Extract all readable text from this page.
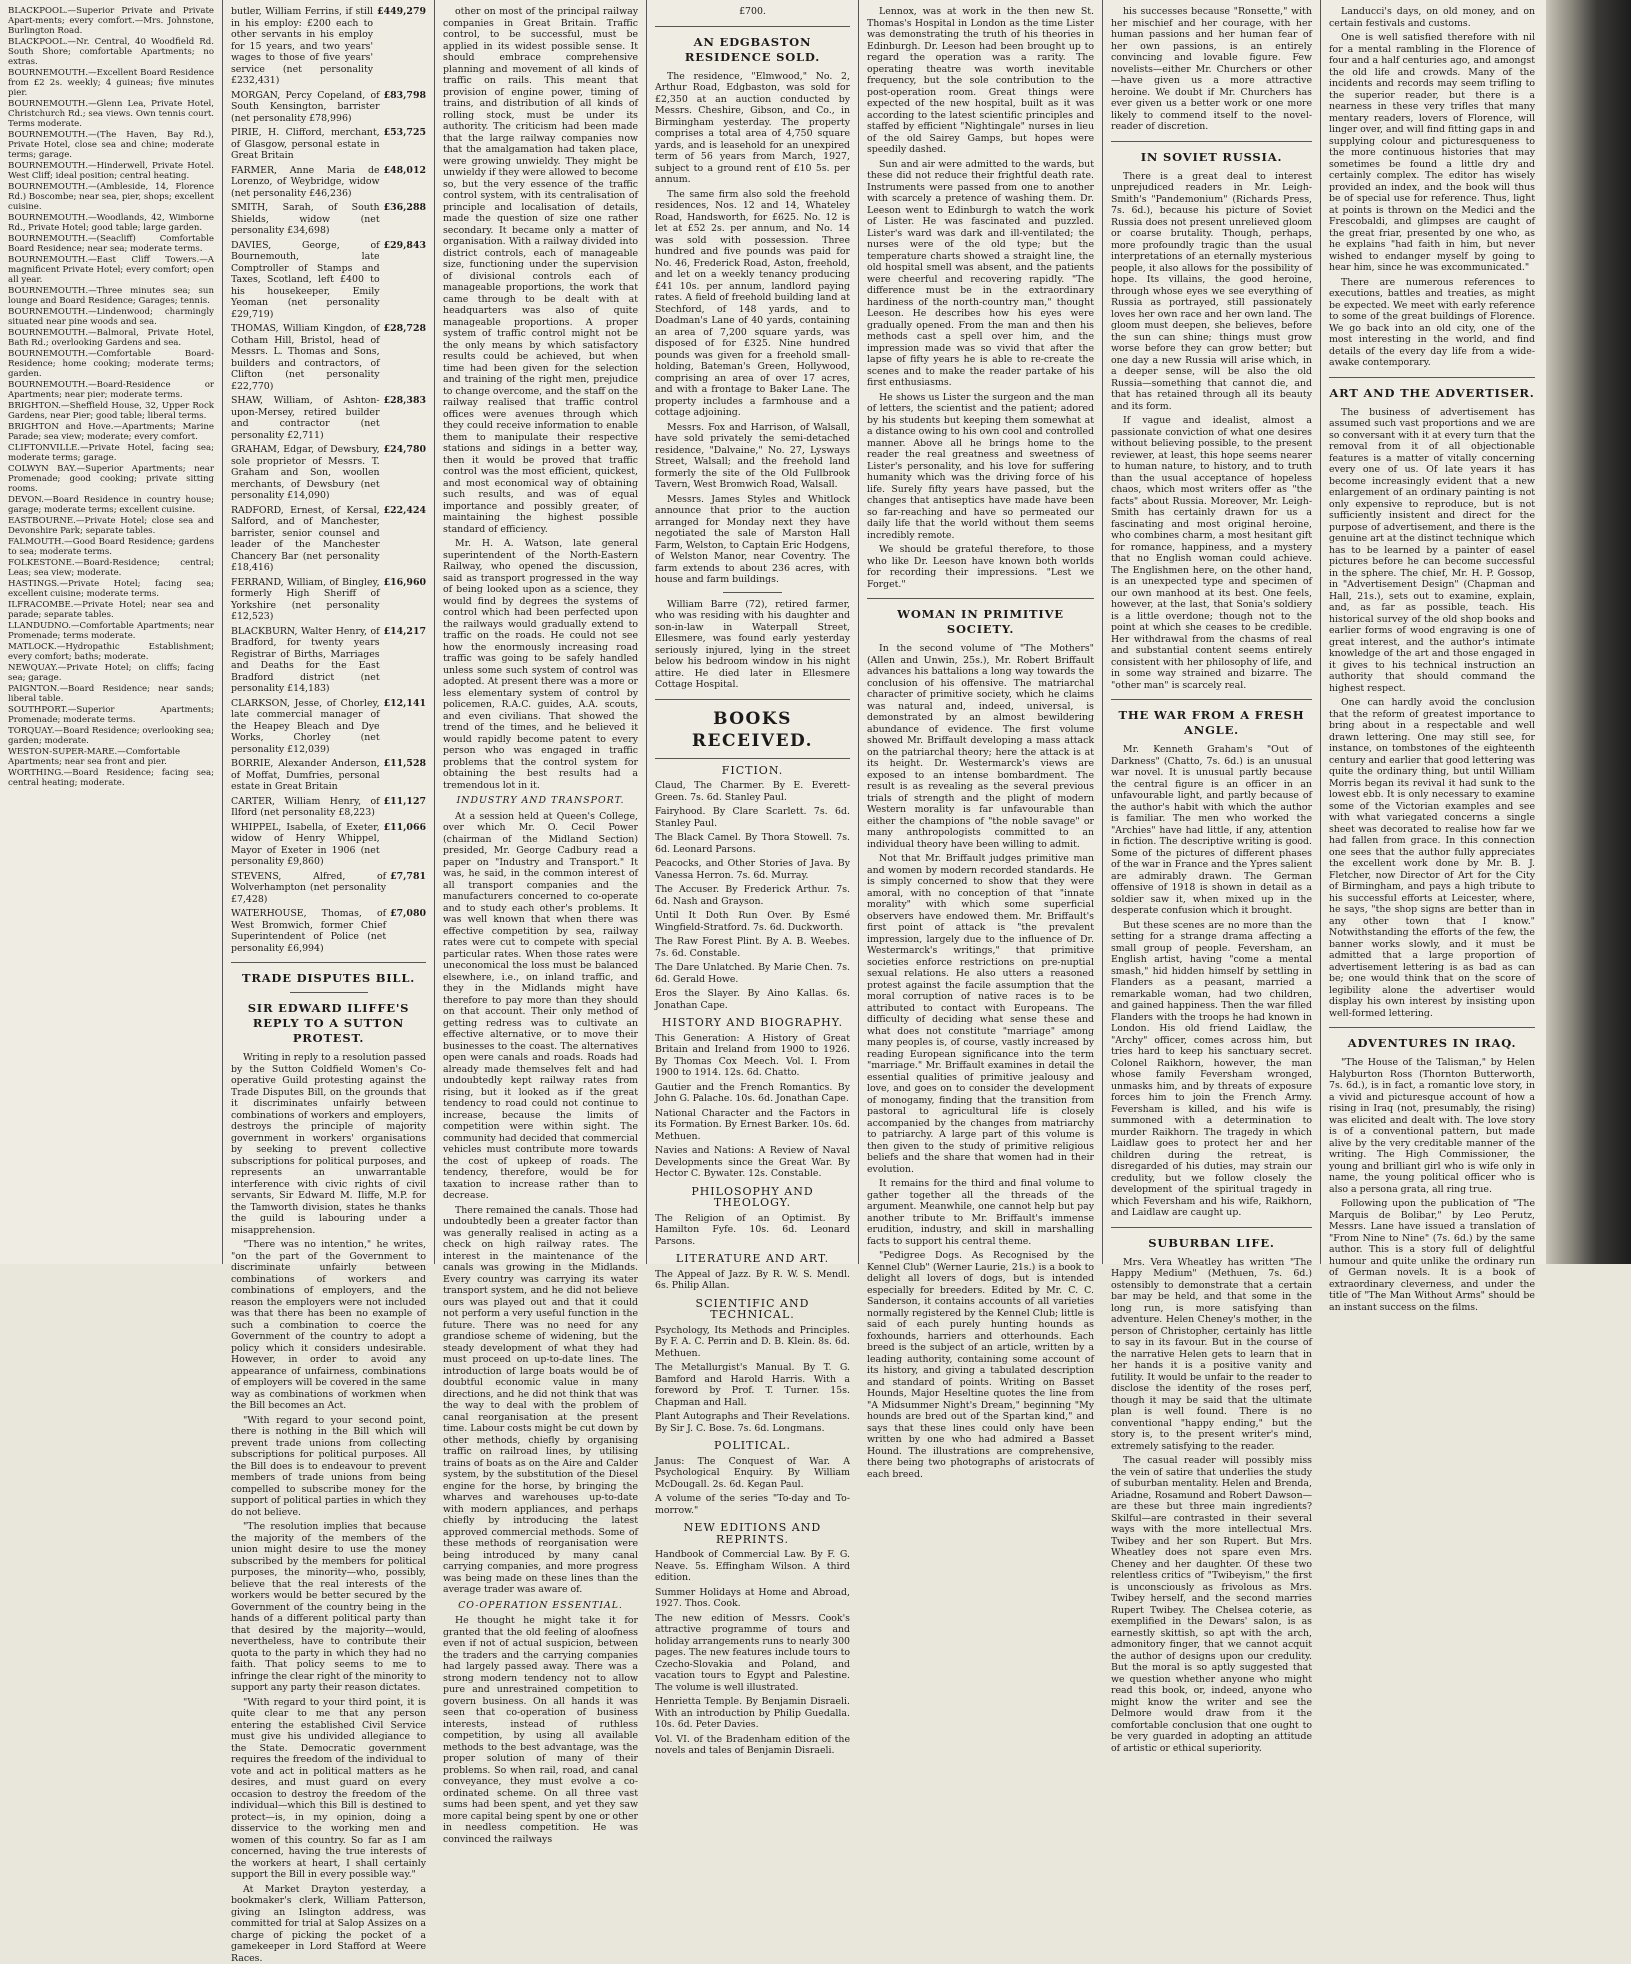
BLACKPOOL.—Superior Private and Private Apart-ments; every comfort.—Mrs. Johnstone, Burlington Road.

BLACKPOOL.—Nr. Central, 40 Woodfield Rd. South Shore; comfortable Apartments; no extras.

BOURNEMOUTH.—Excellent Board Residence from £2 2s. weekly; 4 guineas; five minutes pier.

BOURNEMOUTH.—Glenn Lea, Private Hotel, Christchurch Rd.; sea views. Own tennis court. Terms moderate.

BOURNEMOUTH.—(The Haven, Bay Rd.), Private Hotel, close sea and chine; moderate terms; garage.

BOURNEMOUTH.—Hinderwell, Private Hotel. West Cliff; ideal position; central heating.

BOURNEMOUTH.—(Ambleside, 14, Florence Rd.) Boscombe; near sea, pier, shops; excellent cuisine.

BOURNEMOUTH.—Woodlands, 42, Wimborne Rd., Private Hotel; good table; large garden.

BOURNEMOUTH.—(Seacliff) Comfortable Board Residence; near sea; moderate terms.

BOURNEMOUTH.—East Cliff Towers.—A magnificent Private Hotel; every comfort; open all year.

BOURNEMOUTH.—Three minutes sea; sun lounge and Board Residence; Garages; tennis.

BOURNEMOUTH.—Lindenwood; charmingly situated near pine woods and sea.

BOURNEMOUTH.—Balmoral, Private Hotel, Bath Rd.; overlooking Gardens and sea.

BOURNEMOUTH.—Comfortable Board-Residence; home cooking; moderate terms; garden.

BOURNEMOUTH.—Board-Residence or Apartments; near pier; moderate terms.

BRIGHTON.—Sheffield House, 32, Upper Rock Gardens, near Pier; good table; liberal terms.

BRIGHTON and Hove.—Apartments; Marine Parade; sea view; moderate; every comfort.

CLIFTONVILLE.—Private Hotel, facing sea; moderate terms; garage.

COLWYN BAY.—Superior Apartments; near Promenade; good cooking; private sitting rooms.

DEVON.—Board Residence in country house; garage; moderate terms; excellent cuisine.

EASTBOURNE.—Private Hotel; close sea and Devonshire Park; separate tables.

FALMOUTH.—Good Board Residence; gardens to sea; moderate terms.

FOLKESTONE.—Board-Residence; central; Leas; sea view; moderate.

HASTINGS.—Private Hotel; facing sea; excellent cuisine; moderate terms.

ILFRACOMBE.—Private Hotel; near sea and parade; separate tables.

LLANDUDNO.—Comfortable Apartments; near Promenade; terms moderate.

MATLOCK.—Hydropathic Establishment; every comfort; baths; moderate.

NEWQUAY.—Private Hotel; on cliffs; facing sea; garage.

PAIGNTON.—Board Residence; near sands; liberal table.

SOUTHPORT.—Superior Apartments; Promenade; moderate terms.

TORQUAY.—Board Residence; overlooking sea; garden; moderate.

WESTON-SUPER-MARE.—Comfortable Apartments; near sea front and pier.

WORTHING.—Board Residence; facing sea; central heating; moderate.

butler, William Ferrins, if still in his employ: £200 each to other servants in his employ for 15 years, and two years' wages to those of five years' service (net personality £232,431)
£449,279
MORGAN, Percy Copeland, of South Kensington, barrister (net personality £78,996)
£83,798
PIRIE, H. Clifford, merchant, of Glasgow, personal estate in Great Britain
£53,725
FARMER, Anne Maria de Lorenzo, of Weybridge, widow (net personality £46,236)
£48,012
SMITH, Sarah, of South Shields, widow (net personality £34,698)
£36,288
DAVIES, George, of Bournemouth, late Comptroller of Stamps and Taxes, Scotland, left £400 to his housekeeper, Emily Yeoman (net personality £29,719)
£29,843
THOMAS, William Kingdon, of Cotham Hill, Bristol, head of Messrs. L. Thomas and Sons, builders and contractors, of Clifton (net personality £22,770)
£28,728
SHAW, William, of Ashton-upon-Mersey, retired builder and contractor (net personality £2,711)
£28,383
GRAHAM, Edgar, of Dewsbury, sole proprietor of Messrs. T. Graham and Son, woollen merchants, of Dewsbury (net personality £14,090)
£24,780
RADFORD, Ernest, of Kersal, Salford, and of Manchester, barrister, senior counsel and leader of the Manchester Chancery Bar (net personality £18,416)
£22,424
FERRAND, William, of Bingley, formerly High Sheriff of Yorkshire (net personality £12,523)
£16,960
BLACKBURN, Walter Henry, of Bradford, for twenty years Registrar of Births, Marriages and Deaths for the East Bradford district (net personality £14,183)
£14,217
CLARKSON, Jesse, of Chorley, late commercial manager of the Heapey Bleach and Dye Works, Chorley (net personality £12,039)
£12,141
BORRIE, Alexander Anderson, of Moffat, Dumfries, personal estate in Great Britain
£11,528
CARTER, William Henry, of Ilford (net personality £8,223)
£11,127
WHIPPEL, Isabella, of Exeter, widow of Henry Whippel, Mayor of Exeter in 1906 (net personality £9,860)
£11,066
STEVENS, Alfred, of Wolverhampton (net personality £7,428)
£7,781
WATERHOUSE, Thomas, of West Bromwich, former Chief Superintendent of Police (net personality £6,994)
£7,080
TRADE DISPUTES BILL.
SIR EDWARD ILIFFE'S REPLY TO A SUTTON PROTEST.

Writing in reply to a resolution passed by the Sutton Coldfield Women's Co-operative Guild protesting against the Trade Disputes Bill, on the grounds that it discriminates unfairly between combinations of workers and employers, destroys the principle of majority government in workers' organisations by seeking to prevent collective subscriptions for political purposes, and represents an unwarrantable interference with civic rights of civil servants, Sir Edward M. Iliffe, M.P. for the Tamworth division, states he thanks the guild is labouring under a misapprehension.

"There was no intention," he writes, "on the part of the Government to discriminate unfairly between combinations of workers and combinations of employers, and the reason the employers were not included was that there has been no example of such a combination to coerce the Government of the country to adopt a policy which it considers undesirable. However, in order to avoid any appearance of unfairness, combinations of employers will be covered in the same way as combinations of workmen when the Bill becomes an Act.

"With regard to your second point, there is nothing in the Bill which will prevent trade unions from collecting subscriptions for political purposes. All the Bill does is to endeavour to prevent members of trade unions from being compelled to subscribe money for the support of political parties in which they do not believe.

"The resolution implies that because the majority of the members of the union might desire to use the money subscribed by the members for political purposes, the minority—who, possibly, believe that the real interests of the workers would be better secured by the Government of the country being in the hands of a different political party than that desired by the majority—would, nevertheless, have to contribute their quota to the party in which they had no faith. That policy seems to me to infringe the clear right of the minority to support any party their reason dictates.

"With regard to your third point, it is quite clear to me that any person entering the established Civil Service must give his undivided allegiance to the State. Democratic government requires the freedom of the individual to vote and act in political matters as he desires, and must guard on every occasion to destroy the freedom of the individual—which this Bill is destined to protect—is, in my opinion, doing a disservice to the working men and women of this country. So far as I am concerned, having the true interests of the workers at heart, I shall certainly support the Bill in every possible way."

At Market Drayton yesterday, a bookmaker's clerk, William Patterson, giving an Islington address, was committed for trial at Salop Assizes on a charge of picking the pocket of a gamekeeper in Lord Stafford at Weere Races.

other on most of the principal railway companies in Great Britain. Traffic control, to be successful, must be applied in its widest possible sense. It should embrace comprehensive planning and movement of all kinds of traffic on rails. This meant that provision of engine power, timing of trains, and distribution of all kinds of rolling stock, must be under its authority. The criticism had been made that the large railway companies now that the amalgamation had taken place, were growing unwieldy. They might be unwieldy if they were allowed to become so, but the very essence of the traffic control system, with its centralisation of principle and localisation of details, made the question of size one rather secondary. It became only a matter of organisation. With a railway divided into district controls, each of manageable size, functioning under the supervision of divisional controls each of manageable proportions, the work that came through to be dealt with at headquarters was also of quite manageable proportions. A proper system of traffic control might not be the only means by which satisfactory results could be achieved, but when time had been given for the selection and training of the right men, prejudice to change overcome, and the staff on the railway realised that traffic control offices were avenues through which they could receive information to enable them to manipulate their respective stations and sidings in a better way, then it would be proved that traffic control was the most efficient, quickest, and most economical way of obtaining such results, and was of equal importance and possibly greater, of maintaining the highest possible standard of efficiency.

Mr. H. A. Watson, late general superintendent of the North-Eastern Railway, who opened the discussion, said as transport progressed in the way of being looked upon as a science, they would find by degrees the systems of control which had been perfected upon the railways would gradually extend to traffic on the roads. He could not see how the enormously increasing road traffic was going to be safely handled unless some such system of control was adopted. At present there was a more or less elementary system of control by policemen, R.A.C. guides, A.A. scouts, and even civilians. That showed the trend of the times, and he believed it would rapidly become patent to every person who was engaged in traffic problems that the control system for obtaining the best results had a tremendous lot in it.

INDUSTRY AND TRANSPORT.

At a session held at Queen's College, over which Mr. O. Cecil Power (chairman of the Midland Section) presided, Mr. George Cadbury read a paper on "Industry and Transport." It was, he said, in the common interest of all transport companies and the manufacturers concerned to co-operate and to study each other's problems. It was well known that when there was effective competition by sea, railway rates were cut to compete with special particular rates. When those rates were uneconomical the loss must be balanced elsewhere, i.e., on inland traffic, and they in the Midlands might have therefore to pay more than they should on that account. Their only method of getting redress was to cultivate an effective alternative, or to move their businesses to the coast. The alternatives open were canals and roads. Roads had already made themselves felt and had undoubtedly kept railway rates from rising, but it looked as if the great tendency to road could not continue to increase, because the limits of competition were within sight. The community had decided that commercial vehicles must contribute more towards the cost of upkeep of roads. The tendency, therefore, would be for taxation to increase rather than to decrease.

There remained the canals. Those had undoubtedly been a greater factor than was generally realised in acting as a check on high railway rates. The interest in the maintenance of the canals was growing in the Midlands. Every country was carrying its water transport system, and he did not believe ours was played out and that it could not perform a very useful function in the future. There was no need for any grandiose scheme of widening, but the steady development of what they had must proceed on up-to-date lines. The introduction of large boats would be of doubtful economic value in many directions, and he did not think that was the way to deal with the problem of canal reorganisation at the present time. Labour costs might be cut down by other methods, chiefly by organising traffic on railroad lines, by utilising trains of boats as on the Aire and Calder system, by the substitution of the Diesel engine for the horse, by bringing the wharves and warehouses up-to-date with modern appliances, and perhaps chiefly by introducing the latest approved commercial methods. Some of these methods of reorganisation were being introduced by many canal carrying companies, and more progress was being made on these lines than the average trader was aware of.

CO-OPERATION ESSENTIAL.

He thought he might take it for granted that the old feeling of aloofness even if not of actual suspicion, between the traders and the carrying companies had largely passed away. There was a strong modern tendency not to allow pure and unrestrained competition to govern business. On all hands it was seen that co-operation of business interests, instead of ruthless competition, by using all available methods to the best advantage, was the proper solution of many of their problems. So when rail, road, and canal conveyance, they must evolve a co-ordinated scheme. On all three vast sums had been spent, and yet they saw more capital being spent by one or other in needless competition. He was convinced the railways

£700.
AN EDGBASTON RESIDENCE SOLD.

The residence, "Elmwood," No. 2, Arthur Road, Edgbaston, was sold for £2,350 at an auction conducted by Messrs. Cheshire, Gibson, and Co., in Birmingham yesterday. The property comprises a total area of 4,750 square yards, and is leasehold for an unexpired term of 56 years from March, 1927, subject to a ground rent of £10 5s. per annum.

The same firm also sold the freehold residences, Nos. 12 and 14, Whateley Road, Handsworth, for £625. No. 12 is let at £52 2s. per annum, and No. 14 was sold with possession. Three hundred and five pounds was paid for No. 46, Frederick Road, Aston, freehold, and let on a weekly tenancy producing £41 10s. per annum, landlord paying rates. A field of freehold building land at Stechford, of 148 yards, and to Doadman's Lane of 40 yards, containing an area of 7,200 square yards, was disposed of for £325. Nine hundred pounds was given for a freehold small-holding, Bateman's Green, Hollywood, comprising an area of over 17 acres, and with a frontage to Baker Lane. The property includes a farmhouse and a cottage adjoining.

Messrs. Fox and Harrison, of Walsall, have sold privately the semi-detached residence, "Dalvaine," No. 27, Lysways Street, Walsall; and the freehold land formerly the site of the Old Fullbrook Tavern, West Bromwich Road, Walsall.

Messrs. James Styles and Whitlock announce that prior to the auction arranged for Monday next they have negotiated the sale of Marston Hall Farm, Welston, to Captain Eric Hodgens, of Welston Manor, near Coventry. The farm extends to about 236 acres, with house and farm buildings.

William Barre (72), retired farmer, who was residing with his daughter and son-in-law in Waterpall Street, Ellesmere, was found early yesterday seriously injured, lying in the street below his bedroom window in his night attire. He died later in Ellesmere Cottage Hospital.

BOOKS RECEIVED.
FICTION.

Claud, The Charmer. By E. Everett-Green. 7s. 6d. Stanley Paul.

Fairyhood. By Clare Scarlett. 7s. 6d. Stanley Paul.

The Black Camel. By Thora Stowell. 7s. 6d. Leonard Parsons.

Peacocks, and Other Stories of Java. By Vanessa Herron. 7s. 6d. Murray.

The Accuser. By Frederick Arthur. 7s. 6d. Nash and Grayson.

Until It Doth Run Over. By Esmé Wingfield-Stratford. 7s. 6d. Duckworth.

The Raw Forest Plint. By A. B. Weebes. 7s. 6d. Constable.

The Dare Unlatched. By Marie Chen. 7s. 6d. Gerald Howe.

Eros the Slayer. By Aino Kallas. 6s. Jonathan Cape.

HISTORY AND BIOGRAPHY.

This Generation: A History of Great Britain and Ireland from 1900 to 1926. By Thomas Cox Meech. Vol. I. From 1900 to 1914. 12s. 6d. Chatto.

Gautier and the French Romantics. By John G. Palache. 10s. 6d. Jonathan Cape.

National Character and the Factors in its Formation. By Ernest Barker. 10s. 6d. Methuen.

Navies and Nations: A Review of Naval Developments since the Great War. By Hector C. Bywater. 12s. Constable.

PHILOSOPHY AND THEOLOGY.

The Religion of an Optimist. By Hamilton Fyfe. 10s. 6d. Leonard Parsons.

LITERATURE AND ART.

The Appeal of Jazz. By R. W. S. Mendl. 6s. Philip Allan.

SCIENTIFIC AND TECHNICAL.

Psychology, Its Methods and Principles. By F. A. C. Perrin and D. B. Klein. 8s. 6d. Methuen.

The Metallurgist's Manual. By T. G. Bamford and Harold Harris. With a foreword by Prof. T. Turner. 15s. Chapman and Hall.

Plant Autographs and Their Revelations. By Sir J. C. Bose. 7s. 6d. Longmans.

POLITICAL.

Janus: The Conquest of War. A Psychological Enquiry. By William McDougall. 2s. 6d. Kegan Paul.

A volume of the series "To-day and To-morrow."

NEW EDITIONS AND REPRINTS.

Handbook of Commercial Law. By F. G. Neave. 5s. Effingham Wilson. A third edition.

Summer Holidays at Home and Abroad, 1927. Thos. Cook.

The new edition of Messrs. Cook's attractive programme of tours and holiday arrangements runs to nearly 300 pages. The new features include tours to Czecho-Slovakia and Poland, and vacation tours to Egypt and Palestine. The volume is well illustrated.

Henrietta Temple. By Benjamin Disraeli. With an introduction by Philip Guedalla. 10s. 6d. Peter Davies.

Vol. VI. of the Bradenham edition of the novels and tales of Benjamin Disraeli.

Lennox, was at work in the then new St. Thomas's Hospital in London as the time Lister was demonstrating the truth of his theories in Edinburgh. Dr. Leeson had been brought up to regard the operation was a rarity. The operating theatre was worth inevitable frequency, but the sole contribution to the post-operation room. Great things were expected of the new hospital, built as it was according to the latest scientific principles and staffed by efficient "Nightingale" nurses in lieu of the old Sairey Gamps, but hopes were speedily dashed.

Sun and air were admitted to the wards, but these did not reduce their frightful death rate. Instruments were passed from one to another with scarcely a pretence of washing them. Dr. Leeson went to Edinburgh to watch the work of Lister. He was fascinated and puzzled. Lister's ward was dark and ill-ventilated; the nurses were of the old type; but the temperature charts showed a straight line, the old hospital smell was absent, and the patients were cheerful and recovering rapidly. "The difference must be in the extraordinary hardiness of the north-country man," thought Leeson. He describes how his eyes were gradually opened. From the man and then his methods cast a spell over him, and the impression made was so vivid that after the lapse of fifty years he is able to re-create the scenes and to make the reader partake of his first enthusiasms.

He shows us Lister the surgeon and the man of letters, the scientist and the patient; adored by his students but keeping them somewhat at a distance owing to his own cool and controlled manner. Above all he brings home to the reader the real greatness and sweetness of Lister's personality, and his love for suffering humanity which was the driving force of his life. Surely fifty years have passed, but the changes that antiseptics have made have been so far-reaching and have so permeated our daily life that the world without them seems incredibly remote.

We should be grateful therefore, to those who like Dr. Leeson have known both worlds for recording their impressions. "Lest we Forget."

WOMAN IN PRIMITIVE SOCIETY.

In the second volume of "The Mothers" (Allen and Unwin, 25s.), Mr. Robert Briffault advances his battalions a long way towards the conclusion of his offensive. The matriarchal character of primitive society, which he claims was natural and, indeed, universal, is demonstrated by an almost bewildering abundance of evidence. The first volume showed Mr. Briffault developing a mass attack on the patriarchal theory; here the attack is at its height. Dr. Westermarck's views are exposed to an intense bombardment. The result is as revealing as the several previous trials of strength and the plight of modern Western morality is far unfavourable than either the champions of "the noble savage" or many anthropologists committed to an individual theory have been willing to admit.

Not that Mr. Briffault judges primitive man and women by modern recorded standards. He is simply concerned to show that they were amoral, with no conception of that "innate morality" with which some superficial observers have endowed them. Mr. Briffault's first point of attack is "the prevalent impression, largely due to the influence of Dr. Westermarck's writings," that primitive societies enforce restrictions on pre-nuptial sexual relations. He also utters a reasoned protest against the facile assumption that the moral corruption of native races is to be attributed to contact with Europeans. The difficulty of deciding what sense these and what does not constitute "marriage" among many peoples is, of course, vastly increased by reading European significance into the term "marriage." Mr. Briffault examines in detail the essential qualities of primitive jealousy and love, and goes on to consider the development of monogamy, finding that the transition from pastoral to agricultural life is closely accompanied by the changes from matriarchy to patriarchy. A large part of this volume is then given to the study of primitive religious beliefs and the share that women had in their evolution.

It remains for the third and final volume to gather together all the threads of the argument. Meanwhile, one cannot help but pay another tribute to Mr. Briffault's immense erudition, industry, and skill in marshalling facts to support his central theme.

"Pedigree Dogs. As Recognised by the Kennel Club" (Werner Laurie, 21s.) is a book to delight all lovers of dogs, but is intended especially for breeders. Edited by Mr. C. C. Sanderson, it contains accounts of all varieties normally registered by the Kennel Club; little is said of each purely hunting hounds as foxhounds, harriers and otterhounds. Each breed is the subject of an article, written by a leading authority, containing some account of its history, and giving a tabulated description and standard of points. Writing on Basset Hounds, Major Heseltine quotes the line from "A Midsummer Night's Dream," beginning "My hounds are bred out of the Spartan kind," and says that these lines could only have been written by one who had admired a Basset Hound. The illustrations are comprehensive, there being two photographs of aristocrats of each breed.

his successes because "Ronsette," with her mischief and her courage, with her human passions and her human fear of her own passions, is an entirely convincing and lovable figure. Few novelists—either Mr. Churchers or other—have given us a more attractive heroine. We doubt if Mr. Churchers has ever given us a better work or one more likely to commend itself to the novel-reader of discretion.

IN SOVIET RUSSIA.

There is a great deal to interest unprejudiced readers in Mr. Leigh-Smith's "Pandemonium" (Richards Press, 7s. 6d.), because his picture of Soviet Russia does not present unrelieved gloom or coarse brutality. Though, perhaps, more profoundly tragic than the usual interpretations of an eternally mysterious people, it also allows for the possibility of hope. Its villains, the good heroine, through whose eyes we see everything of Russia as portrayed, still passionately loves her own race and her own land. The gloom must deepen, she believes, before the sun can shine; things must grow worse before they can grow better; but one day a new Russia will arise which, in a deeper sense, will be also the old Russia—something that cannot die, and that has retained through all its beauty and its form.

If vague and idealist, almost a passionate conviction of what one desires without believing possible, to the present reviewer, at least, this hope seems nearer to human nature, to history, and to truth than the usual acceptance of hopeless chaos, which most writers offer as "the facts" about Russia. Moreover, Mr. Leigh-Smith has certainly drawn for us a fascinating and most original heroine, who combines charm, a most hesitant gift for romance, happiness, and a mystery that no English woman could achieve. The Englishmen here, on the other hand, is an unexpected type and specimen of our own manhood at its best. One feels, however, at the last, that Sonia's soldiery is a little overdone; though not to the point at which she ceases to be credible. Her withdrawal from the chasms of real and substantial content seems entirely consistent with her philosophy of life, and in some way strained and bizarre. The "other man" is scarcely real.

THE WAR FROM A FRESH ANGLE.

Mr. Kenneth Graham's "Out of Darkness" (Chatto, 7s. 6d.) is an unusual war novel. It is unusual partly because the central figure is an officer in an unfavourable light, and partly because of the author's habit with which the author is familiar. The men who worked the "Archies" have had little, if any, attention in fiction. The descriptive writing is good. Some of the pictures of different phases of the war in France and the Ypres salient are admirably drawn. The German offensive of 1918 is shown in detail as a soldier saw it, when mixed up in the desperate confusion which it brought.

But these scenes are no more than the setting for a strange drama affecting a small group of people. Feversham, an English artist, having "come a mental smash," hid hidden himself by settling in Flanders as a peasant, married a remarkable woman, had two children, and gained happiness. Then the war filled Flanders with the troops he had known in London. His old friend Laidlaw, the "Archy" officer, comes across him, but tries hard to keep his sanctuary secret. Colonel Raikhorn, however, the man whose family Feversham wronged, unmasks him, and by threats of exposure forces him to join the French Army. Feversham is killed, and his wife is summoned with a determination to murder Raikhorn. The tragedy in which Laidlaw goes to protect her and her children during the retreat, is disregarded of his duties, may strain our credulity, but we follow closely the development of the spiritual tragedy in which Feversham and his wife, Raikhorn, and Laidlaw are caught up.

SUBURBAN LIFE.

Mrs. Vera Wheatley has written "The Happy Medium" (Methuen, 7s. 6d.) ostensibly to demonstrate that a certain bar may be held, and that some in the long run, is more satisfying than adventure. Helen Cheney's mother, in the person of Christopher, certainly has little to say in its favour. But in the course of the narrative Helen gets to learn that in her hands it is a positive vanity and futility. It would be unfair to the reader to disclose the identity of the roses perf, though it may be said that the ultimate plan is well found. There is no conventional "happy ending," but the story is, to the present writer's mind, extremely satisfying to the reader.

The casual reader will possibly miss the vein of satire that underlies the study of suburban mentality. Helen and Brenda, Ariadne, Rosamund and Robert Dawson—are these but three main ingredients? Skilful—are contrasted in their several ways with the more intellectual Mrs. Twibey and her son Rupert. But Mrs. Wheatley does not spare even Mrs. Cheney and her daughter. Of these two relentless critics of "Twibeyism," the first is unconsciously as frivolous as Mrs. Twibey herself, and the second marries Rupert Twibey. The Chelsea coterie, as exemplified in the Dewars' salon, is as earnestly skittish, so apt with the arch, admonitory finger, that we cannot acquit the author of designs upon our credulity. But the moral is so aptly suggested that we question whether anyone who might read this book, or, indeed, anyone who might know the writer and see the Delmore would draw from it the comfortable conclusion that one ought to be very guarded in adopting an attitude of artistic or ethical superiority.

Landucci's days, on old money, and on certain festivals and customs.

One is well satisfied therefore with nil for a mental rambling in the Florence of four and a half centuries ago, and amongst the old life and crowds. Many of the incidents and records may seem trifling to the superior reader, but there is a nearness in these very trifles that many mentary readers, lovers of Florence, will linger over, and will find fitting gaps in and supplying colour and picturesqueness to the more continuous histories that may sometimes be found a little dry and certainly complex. The editor has wisely provided an index, and the book will thus be of special use for reference. Thus, light at points is thrown on the Medici and the Frescobaldi, and glimpses are caught of the great friar, presented by one who, as he explains "had faith in him, but never wished to endanger myself by going to hear him, since he was excommunicated."

There are numerous references to executions, battles and treaties, as might be expected. We meet with early reference to some of the great buildings of Florence. We go back into an old city, one of the most interesting in the world, and find details of the every day life from a wide-awake contemporary.

ART AND THE ADVERTISER.

The business of advertisement has assumed such vast proportions and we are so conversant with it at every turn that the removal from it of all objectionable features is a matter of vitally concerning every one of us. Of late years it has become increasingly evident that a new enlargement of an ordinary painting is not only expensive to reproduce, but is not sufficiently insistent and direct for the purpose of advertisement, and there is the genuine art at the distinct technique which has to be learned by a painter of easel pictures before he can become successful in the sphere. The chief, Mr. H. P. Gossop, in "Advertisement Design" (Chapman and Hall, 21s.), sets out to examine, explain, and, as far as possible, teach. His historical survey of the old shop books and earlier forms of wood engraving is one of great interest, and the author's intimate knowledge of the art and those engaged in it gives to his technical instruction an authority that should command the highest respect.

One can hardly avoid the conclusion that the reform of greatest importance to bring about in a respectable and well drawn lettering. One may still see, for instance, on tombstones of the eighteenth century and earlier that good lettering was quite the ordinary thing, but until William Morris began its revival it had sunk to the lowest ebb. It is only necessary to examine some of the Victorian examples and see with what variegated concerns a single sheet was decorated to realise how far we had fallen from grace. In this connection one sees that the author fully appreciates the excellent work done by Mr. B. J. Fletcher, now Director of Art for the City of Birmingham, and pays a high tribute to his successful efforts at Leicester, where, he says, "the shop signs are better than in any other town that I know." Notwithstanding the efforts of the few, the banner works slowly, and it must be admitted that a large proportion of advertisement lettering is as bad as can be; one would think that on the score of legibility alone the advertiser would display his own interest by insisting upon well-formed lettering.

ADVENTURES IN IRAQ.

"The House of the Talisman," by Helen Halyburton Ross (Thornton Butterworth, 7s. 6d.), is in fact, a romantic love story, in a vivid and picturesque account of how a rising in Iraq (not, presumably, the rising) was elicited and dealt with. The love story is of a conventional pattern, but made alive by the very creditable manner of the writing. The High Commissioner, the young and brilliant girl who is wife only in name, the young political officer who is also a persona grata, all ring true.

Following upon the publication of "The Marquis de Bolibar," by Leo Perutz, Messrs. Lane have issued a translation of "From Nine to Nine" (7s. 6d.) by the same author. This is a story full of delightful humour and quite unlike the ordinary run of German novels. It is a book of extraordinary cleverness, and under the title of "The Man Without Arms" should be an instant success on the films.
